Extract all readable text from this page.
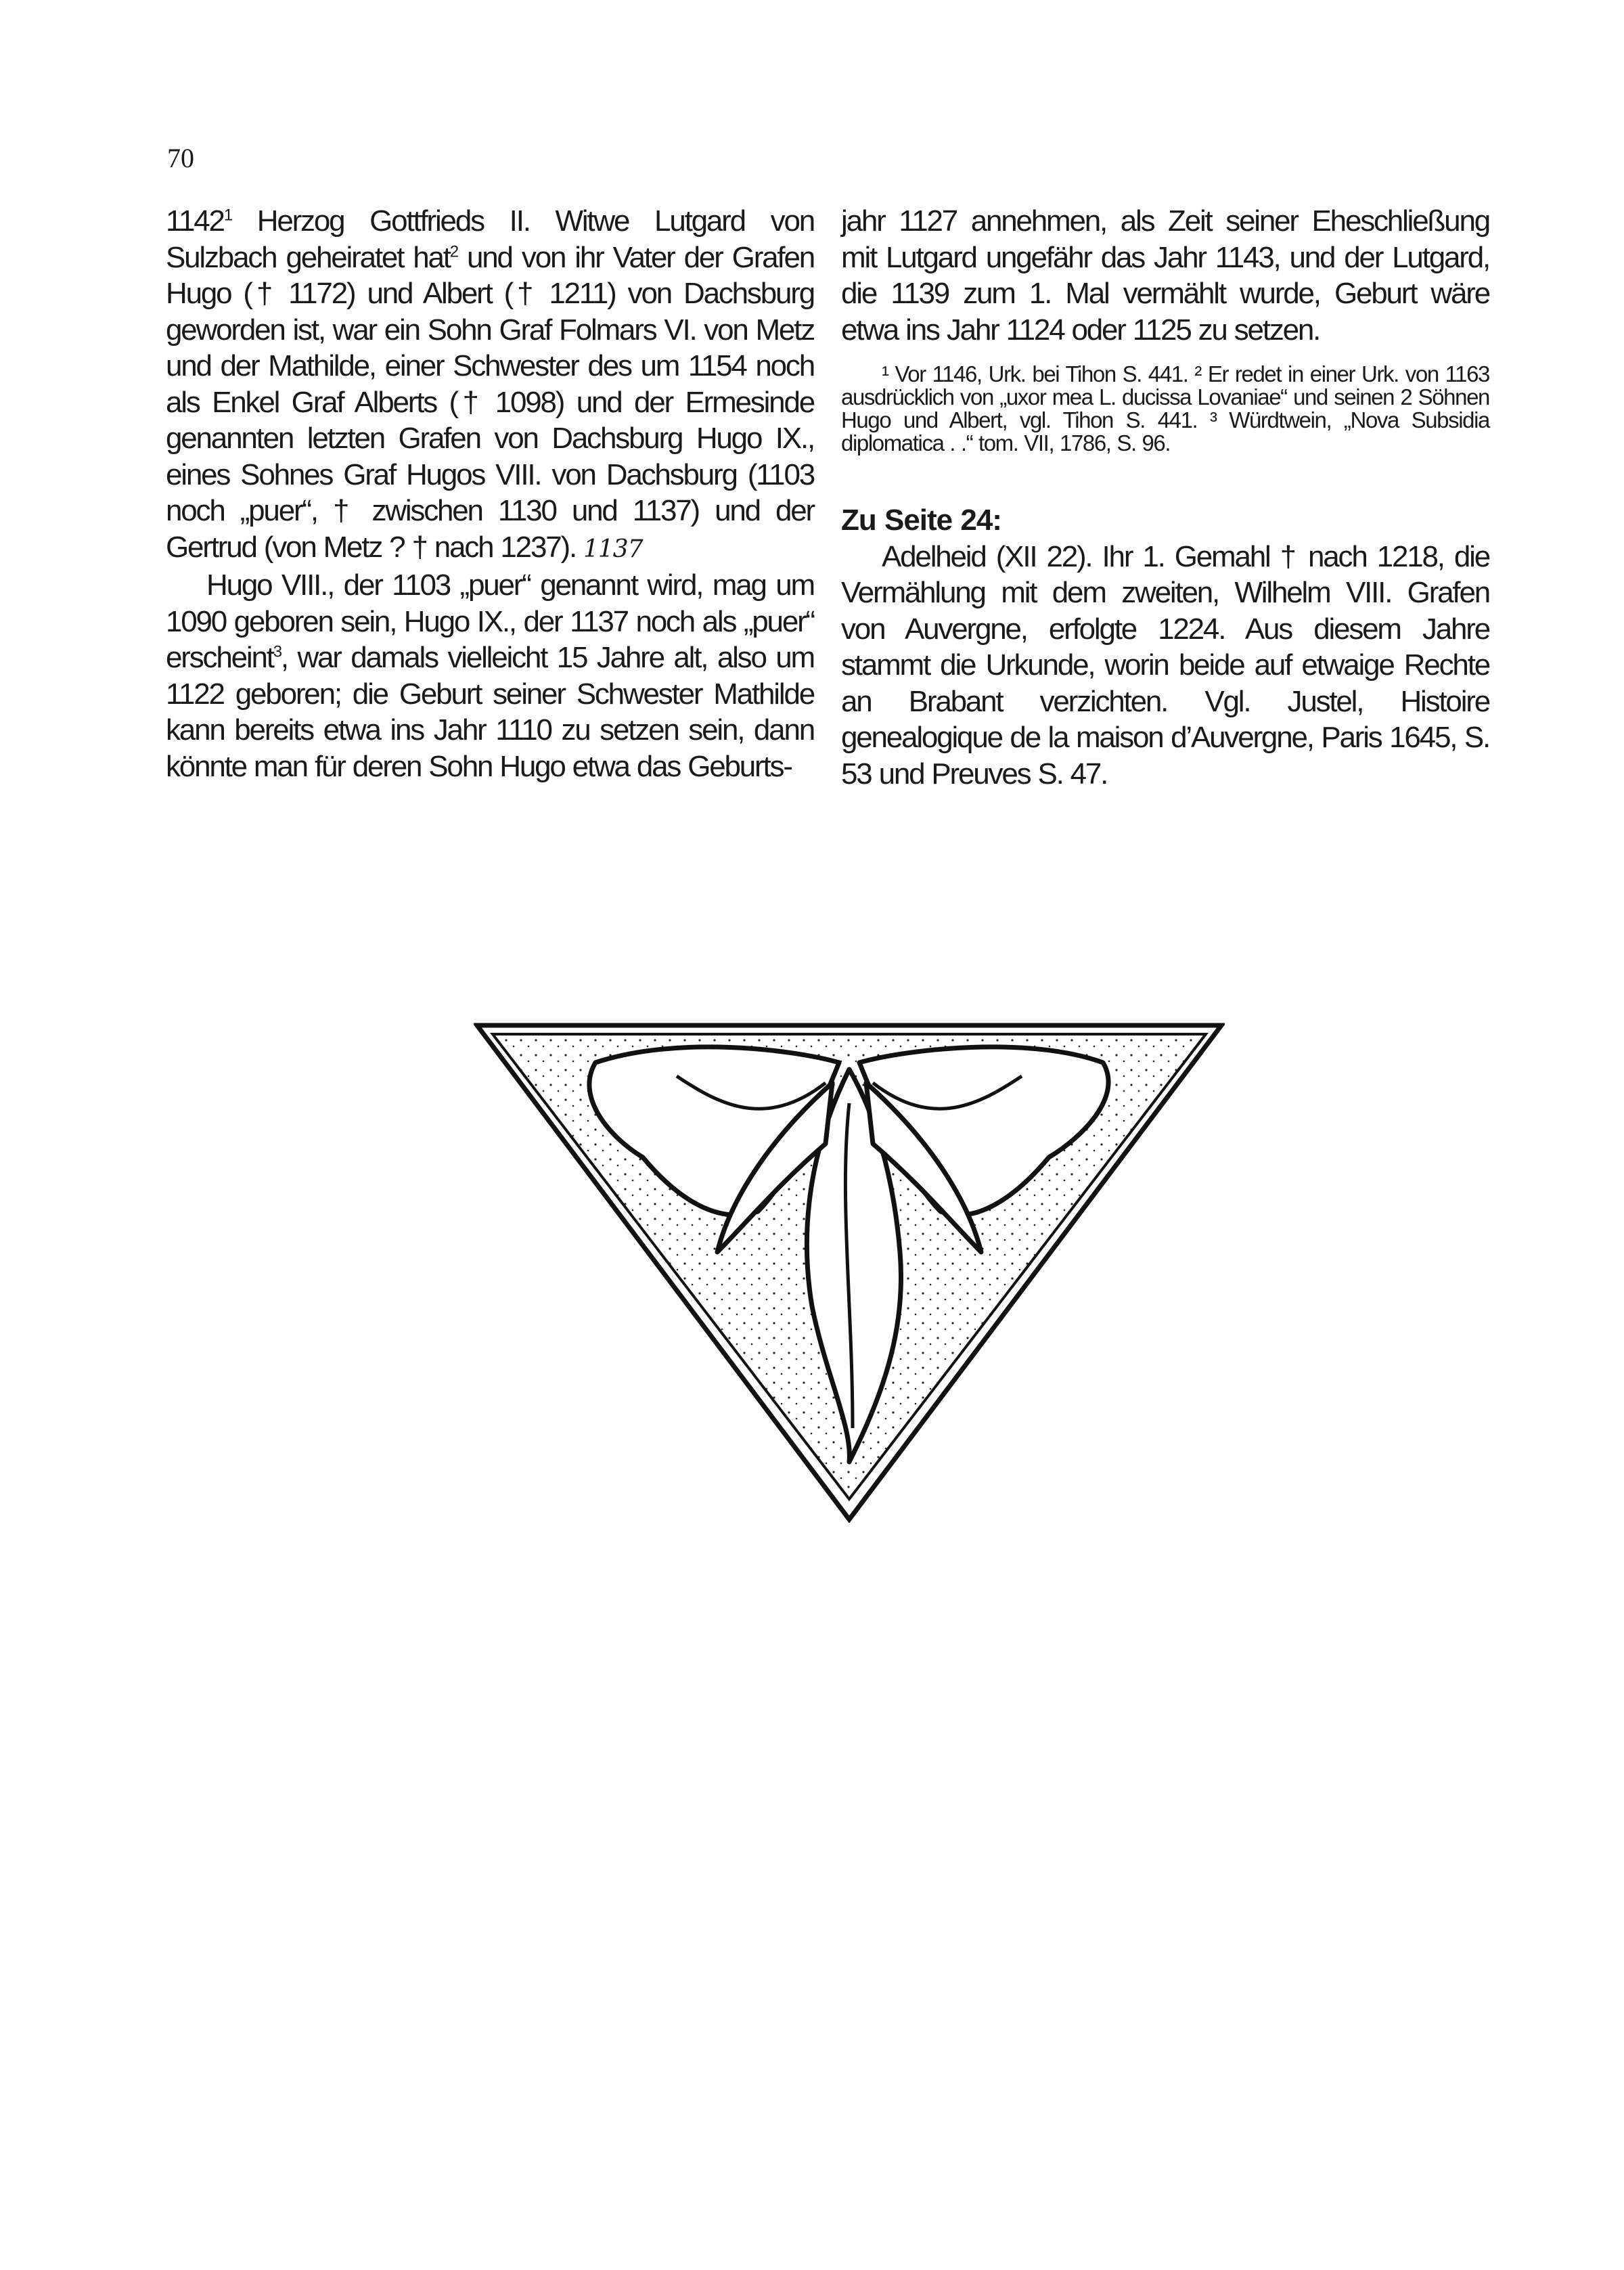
70

1142$^1$ Herzog Gottfrieds II. Witwe Lutgard von Sulzbach geheiratet hat$^2$ und von ihr Vater der Grafen Hugo († 1172) und Albert († 1211) von Dachsburg geworden ist, war ein Sohn Graf Folmars VI. von Metz und der Mathilde, einer Schwester des um 1154 noch als Enkel Graf Alberts († 1098) und der Ermesinde genannten letzten Grafen von Dachsburg Hugo IX., eines Sohnes Graf Hugos VIII. von Dachsburg (1103 noch „puer“, † zwischen 1130 und 1137) und der Gertrud (von Metz ? † nach 1237). 1137

Hugo VIII., der 1103 „puer“ genannt wird, mag um 1090 geboren sein, Hugo IX., der 1137 noch als „puer“ erscheint$^3$, war damals vielleicht 15 Jahre alt, also um 1122 geboren; die Geburt seiner Schwester Mathilde kann bereits etwa ins Jahr 1110 zu setzen sein, dann könnte man für deren Sohn Hugo etwa das Geburts-

jahr 1127 annehmen, als Zeit seiner Eheschließung mit Lutgard ungefähr das Jahr 1143, und der Lutgard, die 1139 zum 1. Mal vermählt wurde, Geburt wäre etwa ins Jahr 1124 oder 1125 zu setzen.

¹ Vor 1146, Urk. bei Tihon S. 441. ² Er redet in einer Urk. von 1163 ausdrücklich von „uxor mea L. ducissa Lovaniae“ und seinen 2 Söhnen Hugo und Albert, vgl. Tihon S. 441. ³ Würdtwein, „Nova Subsidia diplomatica . .“ tom. VII, 1786, S. 96.

Zu Seite 24:

Adelheid (XII 22). Ihr 1. Gemahl † nach 1218, die Vermählung mit dem zweiten, Wilhelm VIII. Grafen von Auvergne, erfolgte 1224. Aus diesem Jahre stammt die Urkunde, worin beide auf etwaige Rechte an Brabant verzichten. Vgl. Justel, Histoire genealogique de la maison d’Auvergne, Paris 1645, S. 53 und Preuves S. 47.
